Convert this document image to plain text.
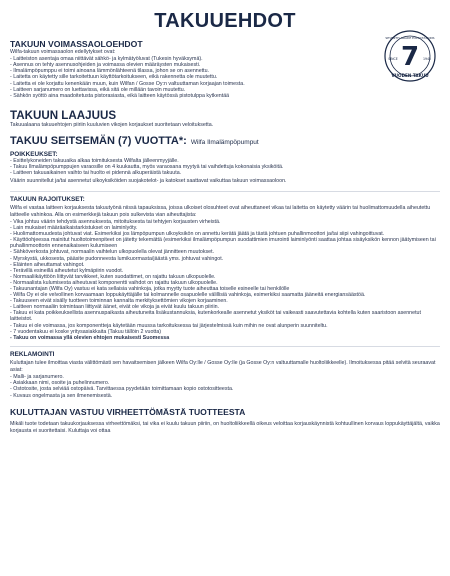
TAKUUEHDOT
7
SEVENTH-GRADE EXPECTATIONS
SINCE	1945
VUODEN TAKUU
TAKUUN VOIMASSAOLOEHDOT

Wilfa-takuun voimassaolon edellytykset ovat:

- Laitteiston asentaja omaa niittävät sähkö- ja kylmätyöluvat (Tukesin hyväksymä).
- Asennus on tehty asennusohjeiden ja voimassa olevien määräysten mukaisesti.
- Ilmalämpöpumppu ei toimi ainoana lämmönlähteenä tilassa, johon se on asennettu.
- Laitetta on käytetty sille tarkoitettuun käyttötarkoitukseen, eikä rakennetta ole muutettu.
- Laitetta ei ole korjattu kenenkään muun, kuin Wilfan / Gosse Oy:n valtuuttaman korjaajan toimesta.
- Laitteen sarjanumero on luettavissa, eikä sitä ole millään tavoin muutettu.
- Sähkön syöttö aina maadoitetusta pistorasiasta, eikä laitteen käytössä pistotulppa kytkentää
TAKUUN LAAJUUS

Takuualaana takuuehtojen piiriin kuuluvien vikojen korjaukset suoritetaan veloituksetta.

TAKUU SEITSEMÄN (7) VUOTTA*: Wilfa Ilmalämpöpumput
POIKKEUKSET:
- Esittelykoneiden takuuaika alkaa toimituksesta Wilfalta jälleenmyyjälle.
- Takuu Ilmalämpöpumppujen varaosille on 4 kuukautta, myös varaosana myytyä tai vaihdettuja kokonaisia yksiköitä.
- Laitteen takuuaikainen vaihto tai huolto ei pidennä alkuperäistä takuuta.

Väärin suunnitellut ja/tai asennetut ulkoyksiköiden suojakotelot- ja katokset saattavat vaikuttaa takuun voimassaoloon.

TAKUUN RAJOITUKSET:

Wilfa ei vastaa laitteen korjauksesta takuutyönä niissä tapauksissa, joissa ulkoiset olosuhteet ovat aiheuttaneet vikaa tai laitetta on käytetty väärin tai huolimattomuudella aiheutettu laitteelle vahinkoa. Alla on esimerkkejä takuun pois sulkevista vian aiheuttajista:

- Vika johtuu väärin tehdystä asennuksesta, mitoituksesta tai tehtyjen korjausten virheistä.
- Lain mukaiset määräaikaistarkistukset on laiminlyöty.
- Huolimattomuudesta johtuvat viat. Esimerkiksi jos lämpöpumpun ulkoyksikön on annettu kerätä jäätä ja tästä johtuen puhallinmoottori ja/tai siipi vahingoittuvat.
- Käyttöohjeessa mainitut huoltotoimenpiteet on jätetty tekemättä (esimerkiksi ilmalämpöpumpun suodattimien imurointi laiminlyönti saattaa johtaa sisäyksikön kennon jäätymiseen tai puhallinmoottorin ennenaikaiseen kulumiseen
- Sähköverkosta johtuvat, normaalin vaihtelun ulkopuolella olevat jännitteen muutokset.
- Myrskystä, ukkosesta, pääsite pudonneesta lumikuormasta/jäästä yms. johtuvat vahingot.
- Eläinten aiheuttamat vahingot.
- Terävillä esineillä aiheutetut kylmäpiirin vuodot.
- Normaaliikäyttöön liittyvät tarvikkeet, kuten suodattimet, on rajattu takuun ulkopuolelle.
- Normaalista kulumisesta aiheutuvat komponentti vaihdot on rajattu takuun ulkopuolelle.
- Takuunantajan (Wilfa Oy) vastuu ei kata sellaisia vahinkoja, jotka myytty tuote aiheuttaa toiselle esineelle tai henkilölle
- Wilfa Oy ei ole velvollinen korvaamaan loppukäyttäjälle tai kolmannelle osapuolelle välillisiä vahinkoja, esimerkiksi saamatta jääneitä energiansäästöä.
- Takuuseen eivät sisälly tuotteen toiminnan kannalta merkityksettömien vikojen korjaaminen.
- Laitteen normaaliin toimintaan liittyvät äänet, eivät ole vikoja ja eivät kuulu takuun piiriin.
- Takuu ei kata poikkeuksellista asennuspaikasta aiheutuneita lisäkustannuksia, kutenkorkealle asennetut yksiköt tai vaikeasti saavutettavia kohtella kuten saaristoon asennetut laitteistot.
- Takuu ei ole voimassa, jos komponentteja käytetään muussa tarkoituksessa tai järjestelmissä kuin mihin ne ovat alunperin suunniteltu.
- 7 vuodentakuu ei koske yritysasiakkaita (Takuu tällöin 2 vuotta)
- Takuu on voimassa yllä olevien ehtojen mukaisesti Suomessa
REKLAMOINTI

Kuluttajan tulee ilmoittaa viasta välittömästi sen havaitsemisen jälkeen Wilfa Oy:lle / Gosse Oy:lle (ja Gosse Oy:n valtuuttamalle huoltoliikkeelle). Ilmoituksessa pitää selvitä seuraavat asiat:

- Malli- ja sarjanumero.
- Asiakkaan nimi, osoite ja puhelinnumero.
- Ostotosite, josta selviää ostopäivä. Tarvittaessa pyydetään toimittamaan kopio ostotositteesta.
- Kuvaus ongelmasta ja sen ilmenemisestä.
KULUTTAJAN VASTUU VIRHEETTÖMÄSTÄ TUOTTEESTA

Mikäli tuote todetaan takuukorjauksessa virheettömäksi, tai vika ei kuulu takuun piiriin, on huoltoliikkeellä oikeus veloittaa korjauskäynnistä kohtuullinen korvaus loppukäyttäjältä, vaikka korjausta ei suoritettaisi. Kuluttaja voi ottaa
